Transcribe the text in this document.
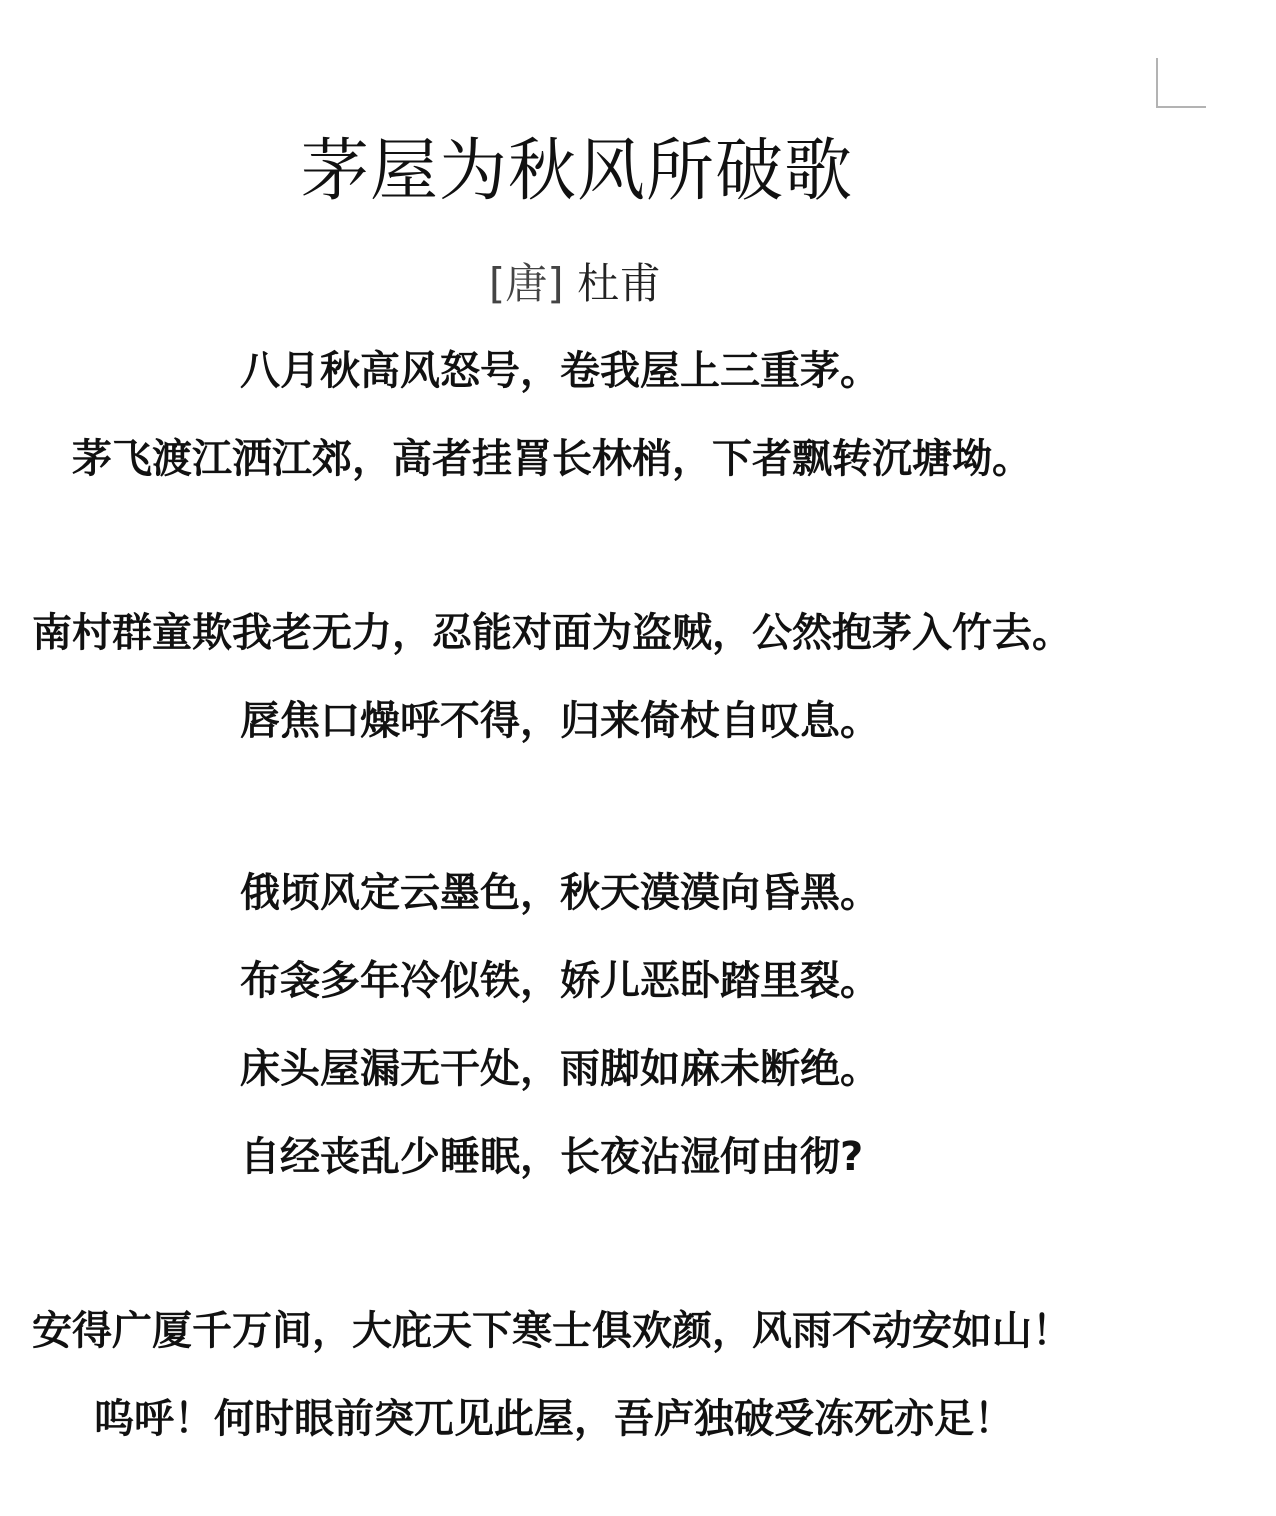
茅屋为秋风所破歌
[唐] 杜甫
八月秋高风怒号，卷我屋上三重茅。
茅飞渡江洒江郊，高者挂罥长林梢，下者飘转沉塘坳。
南村群童欺我老无力，忍能对面为盗贼，公然抱茅入竹去。
唇焦口燥呼不得，归来倚杖自叹息。
俄顷风定云墨色，秋天漠漠向昏黑。
布衾多年冷似铁，娇儿恶卧踏里裂。
床头屋漏无干处，雨脚如麻未断绝。
自经丧乱少睡眠，长夜沾湿何由彻?
安得广厦千万间，大庇天下寒士俱欢颜，风雨不动安如山！
呜呼！何时眼前突兀见此屋，吾庐独破受冻死亦足！
